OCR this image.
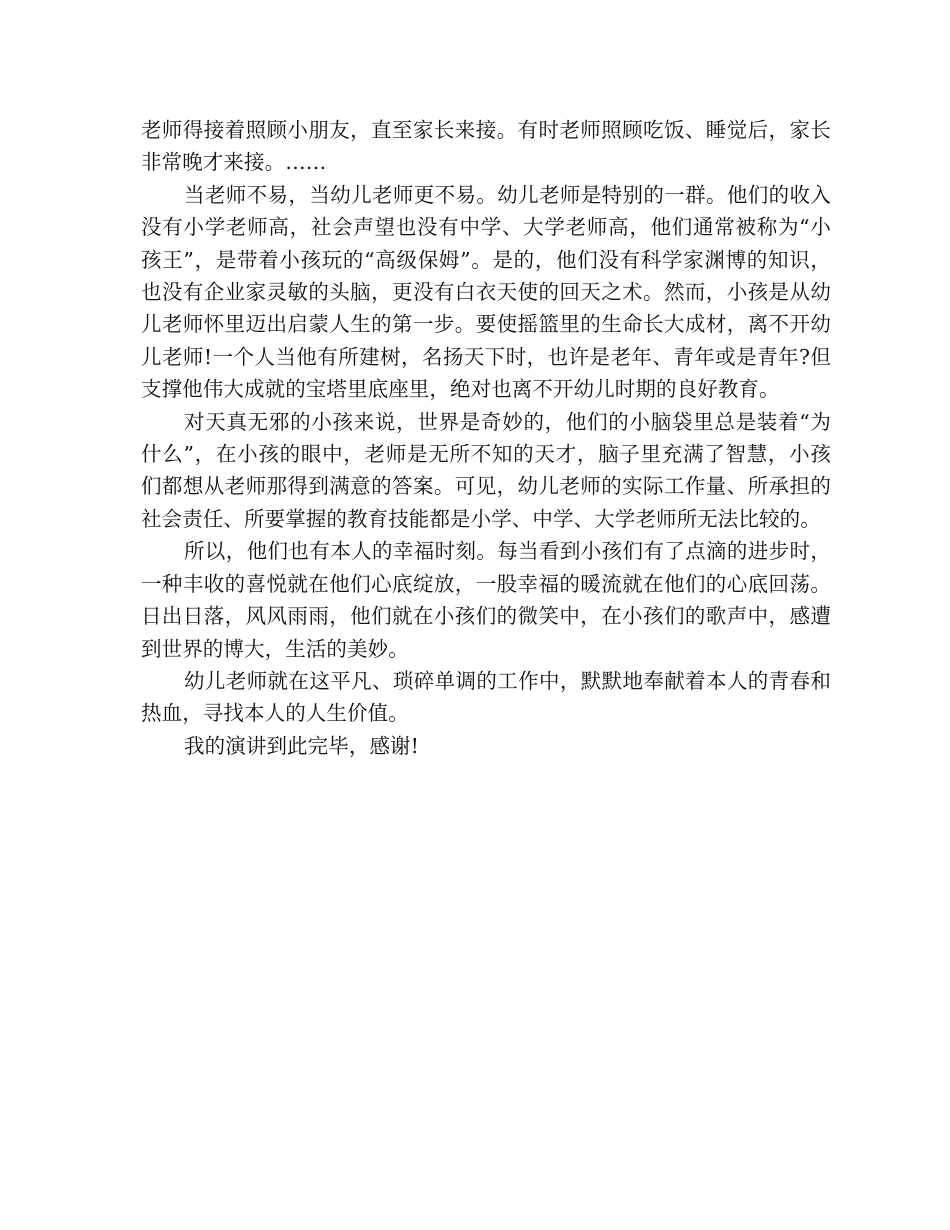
老师得接着照顾小朋友，直至家长来接。有时老师照顾吃饭、睡觉后，家长非常晚才来接。……

当老师不易，当幼儿老师更不易。幼儿老师是特别的一群。他们的收入没有小学老师高，社会声望也没有中学、大学老师高，他们通常被称为“小孩王”，是带着小孩玩的“高级保姆”。是的，他们没有科学家渊博的知识，也没有企业家灵敏的头脑，更没有白衣天使的回天之术。然而，小孩是从幼儿老师怀里迈出启蒙人生的第一步。要使摇篮里的生命长大成材，离不开幼儿老师!一个人当他有所建树，名扬天下时，也许是老年、青年或是青年?但支撑他伟大成就的宝塔里底座里，绝对也离不开幼儿时期的良好教育。

对天真无邪的小孩来说，世界是奇妙的，他们的小脑袋里总是装着“为什么”，在小孩的眼中，老师是无所不知的天才，脑子里充满了智慧，小孩们都想从老师那得到满意的答案。可见，幼儿老师的实际工作量、所承担的社会责任、所要掌握的教育技能都是小学、中学、大学老师所无法比较的。

所以，他们也有本人的幸福时刻。每当看到小孩们有了点滴的进步时，一种丰收的喜悦就在他们心底绽放，一股幸福的暖流就在他们的心底回荡。日出日落，风风雨雨，他们就在小孩们的微笑中，在小孩们的歌声中，感遭到世界的博大，生活的美妙。

幼儿老师就在这平凡、琐碎单调的工作中，默默地奉献着本人的青春和热血，寻找本人的人生价值。

我的演讲到此完毕，感谢!
